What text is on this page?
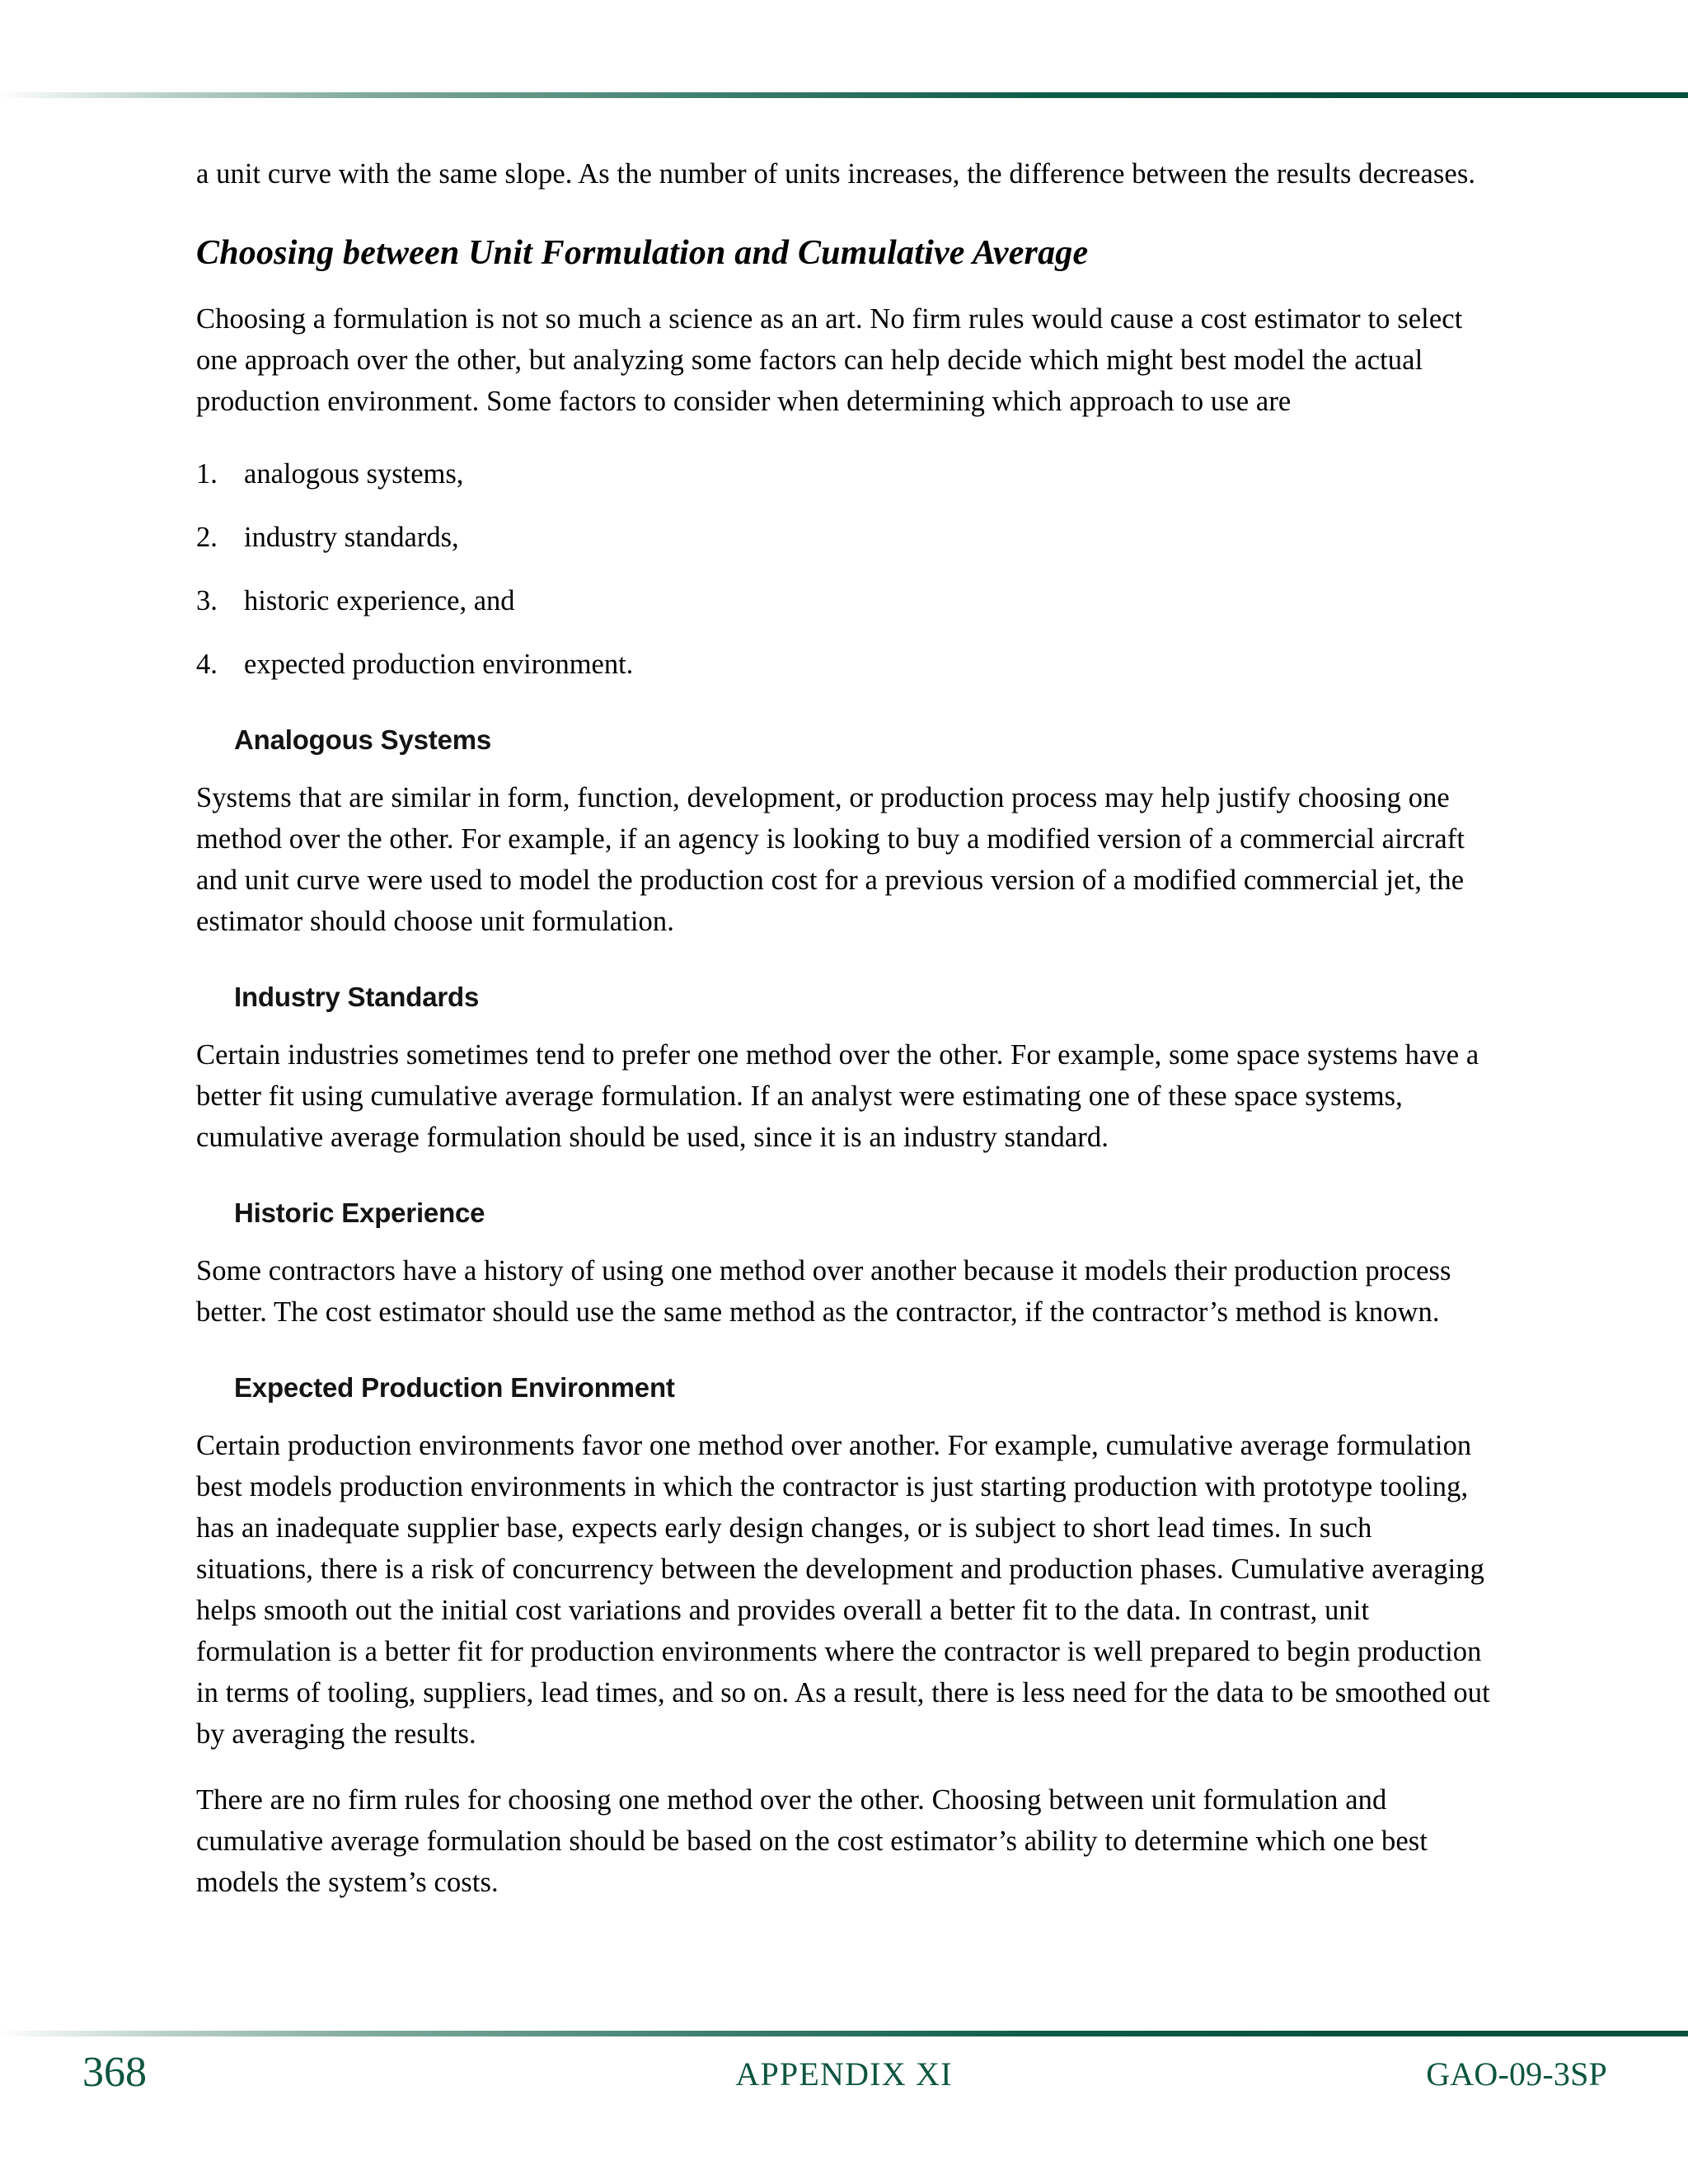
a unit curve with the same slope. As the number of units increases, the difference between the results decreases.

Choosing between Unit Formulation and Cumulative Average

Choosing a formulation is not so much a science as an art. No firm rules would cause a cost estimator to select one approach over the other, but analyzing some factors can help decide which might best model the actual production environment. Some factors to consider when determining which approach to use are

1. analogous systems,
2. industry standards,
3. historic experience, and
4. expected production environment.
Analogous Systems

Systems that are similar in form, function, development, or production process may help justify choosing one method over the other. For example, if an agency is looking to buy a modified version of a commercial aircraft and unit curve were used to model the production cost for a previous version of a modified commercial jet, the estimator should choose unit formulation.

Industry Standards

Certain industries sometimes tend to prefer one method over the other. For example, some space systems have a better fit using cumulative average formulation. If an analyst were estimating one of these space systems, cumulative average formulation should be used, since it is an industry standard.

Historic Experience

Some contractors have a history of using one method over another because it models their production process better. The cost estimator should use the same method as the contractor, if the contractor’s method is known.

Expected Production Environment

Certain production environments favor one method over another. For example, cumulative average formulation best models production environments in which the contractor is just starting production with prototype tooling, has an inadequate supplier base, expects early design changes, or is subject to short lead times. In such situations, there is a risk of concurrency between the development and production phases. Cumulative averaging helps smooth out the initial cost variations and provides overall a better fit to the data. In contrast, unit formulation is a better fit for production environments where the contractor is well prepared to begin production in terms of tooling, suppliers, lead times, and so on. As a result, there is less need for the data to be smoothed out by averaging the results.

There are no firm rules for choosing one method over the other. Choosing between unit formulation and cumulative average formulation should be based on the cost estimator’s ability to determine which one best models the system’s costs.

368	APPENDIX XI	GAO-09-3SP
